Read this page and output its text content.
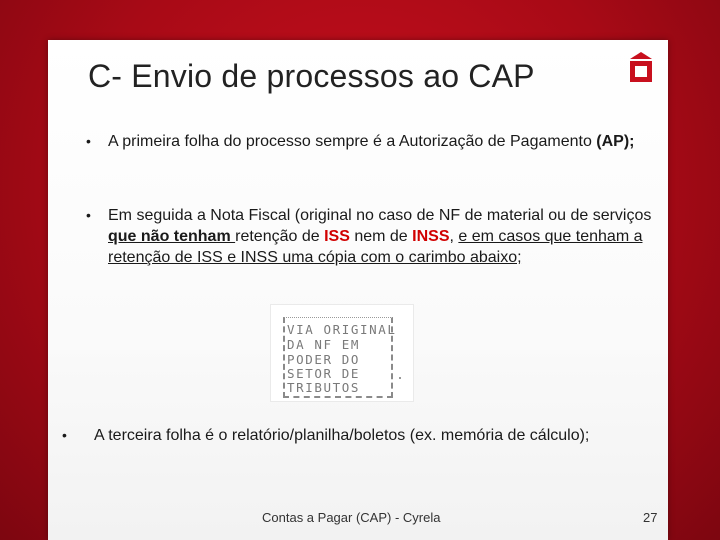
C- Envio de processos ao CAP
• A primeira folha do processo sempre é a Autorização de Pagamento (AP);
• Em seguida a Nota Fiscal (original no caso de NF de material ou de serviços que não tenham retenção de ISS nem de INSS, e em casos que tenham a retenção de ISS e INSS uma cópia com o carimbo abaixo;
• A terceira folha é o relatório/planilha/boletos (ex. memória de cálculo);
VIA ORIGINAL
DA NF EM
PODER DO
SETOR DE
TRIBUTOS
Contas a Pagar (CAP) - Cyrela	27
